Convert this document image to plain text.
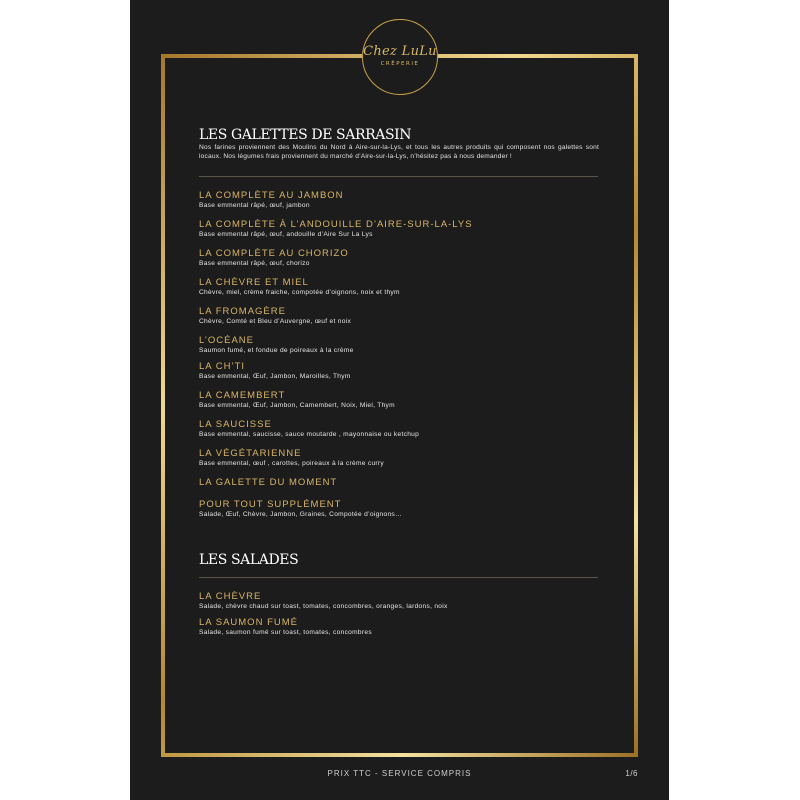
Chez LuLu
CRÊPERIE
LES GALETTES DE SARRASIN
Nos farines proviennent des Moulins du Nord à Aire-sur-la-Lys, et tous les autres produits qui composent nos galettes sont locaux. Nos légumes frais proviennent du marché d’Aire-sur-la-Lys, n’hésitez pas à nous demander !
LA COMPLÈTE AU JAMBON
Base emmental râpé, œuf, jambon
LA COMPLÈTE À L’ANDOUILLE D’AIRE-SUR-LA-LYS
Base emmental râpé, œuf, andouille d’Aire Sur La Lys
LA COMPLÈTE AU CHORIZO
Base emmental râpé, œuf, chorizo
LA CHÈVRE ET MIEL
Chèvre, miel, crème fraiche, compotée d’oignons, noix et thym
LA FROMAGÈRE
Chèvre, Comté et Bleu d’Auvergne, œuf et noix
L’OCÉANE
Saumon fumé, et fondue de poireaux à la crème
LA CH’TI
Base emmental, Œuf, Jambon, Maroilles, Thym
LA CAMEMBERT
Base emmental, Œuf, Jambon, Camembert, Noix, Miel, Thym
LA SAUCISSE
Base emmental, saucisse, sauce moutarde , mayonnaise ou ketchup
LA VÉGÉTARIENNE
Base emmental, œuf , carottes, poireaux à la crème curry
LA GALETTE DU MOMENT
POUR TOUT SUPPLÉMENT
Salade, Œuf, Chèvre, Jambon, Graines, Compotée d’oignons…
LES SALADES
LA CHÈVRE
Salade, chèvre chaud sur toast, tomates, concombres, oranges, lardons, noix
LA SAUMON FUMÉ
Salade, saumon fumé sur toast, tomates, concombres
PRIX TTC - SERVICE COMPRIS	1/6
